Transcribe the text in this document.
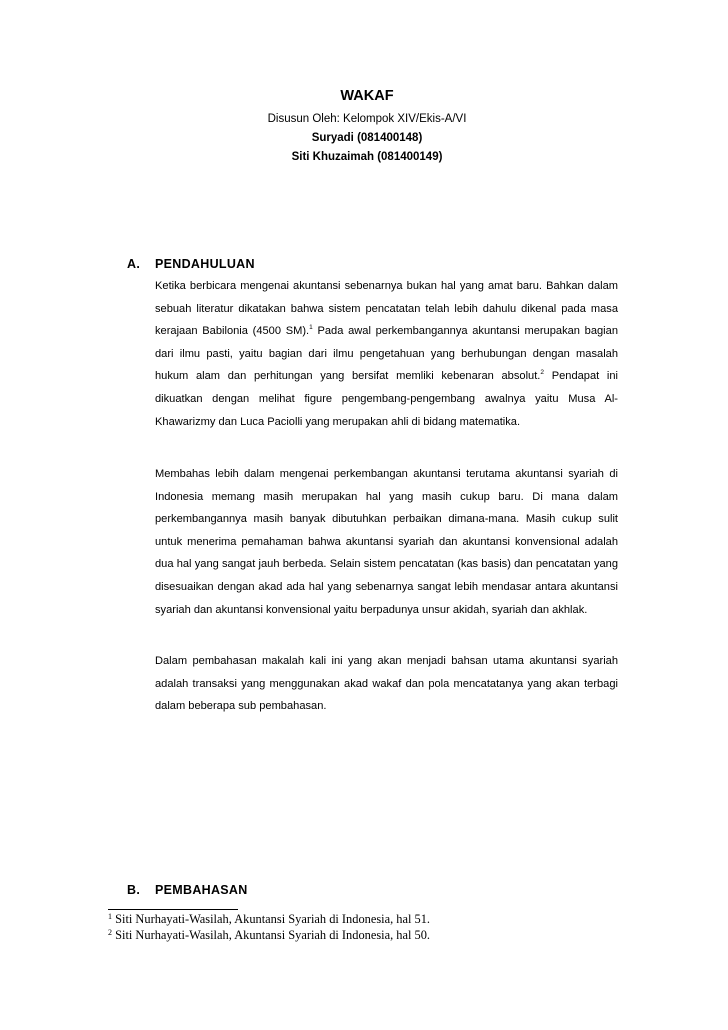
WAKAF
Disusun Oleh: Kelompok XIV/Ekis-A/VI
Suryadi (081400148)
Siti Khuzaimah (081400149)
A. PENDAHULUAN

Ketika berbicara mengenai akuntansi sebenarnya bukan hal yang amat baru. Bahkan dalam sebuah literatur dikatakan bahwa sistem pencatatan telah lebih dahulu dikenal pada masa kerajaan Babilonia (4500 SM).$^1$ Pada awal perkembangannya akuntansi merupakan bagian dari ilmu pasti, yaitu bagian dari ilmu pengetahuan yang berhubungan dengan masalah hukum alam dan perhitungan yang bersifat memliki kebenaran absolut.$^2$ Pendapat ini dikuatkan dengan melihat figure pengembang-pengembang awalnya yaitu Musa Al-Khawarizmy dan Luca Paciolli yang merupakan ahli di bidang matematika.

Membahas lebih dalam mengenai perkembangan akuntansi terutama akuntansi syariah di Indonesia memang masih merupakan hal yang masih cukup baru. Di mana dalam perkembangannya masih banyak dibutuhkan perbaikan dimana-mana. Masih cukup sulit untuk menerima pemahaman bahwa akuntansi syariah dan akuntansi konvensional adalah dua hal yang sangat jauh berbeda. Selain sistem pencatatan (kas basis) dan pencatatan yang disesuaikan dengan akad ada hal yang sebenarnya sangat lebih mendasar antara akuntansi syariah dan akuntansi konvensional yaitu berpadunya unsur akidah, syariah dan akhlak.

Dalam pembahasan makalah kali ini yang akan menjadi bahsan utama akuntansi syariah adalah transaksi yang menggunakan akad wakaf dan pola mencatatanya yang akan terbagi dalam beberapa sub pembahasan.

B. PEMBAHASAN
$^1$ Siti Nurhayati-Wasilah, Akuntansi Syariah di Indonesia, hal 51.
$^2$ Siti Nurhayati-Wasilah, Akuntansi Syariah di Indonesia, hal 50.
